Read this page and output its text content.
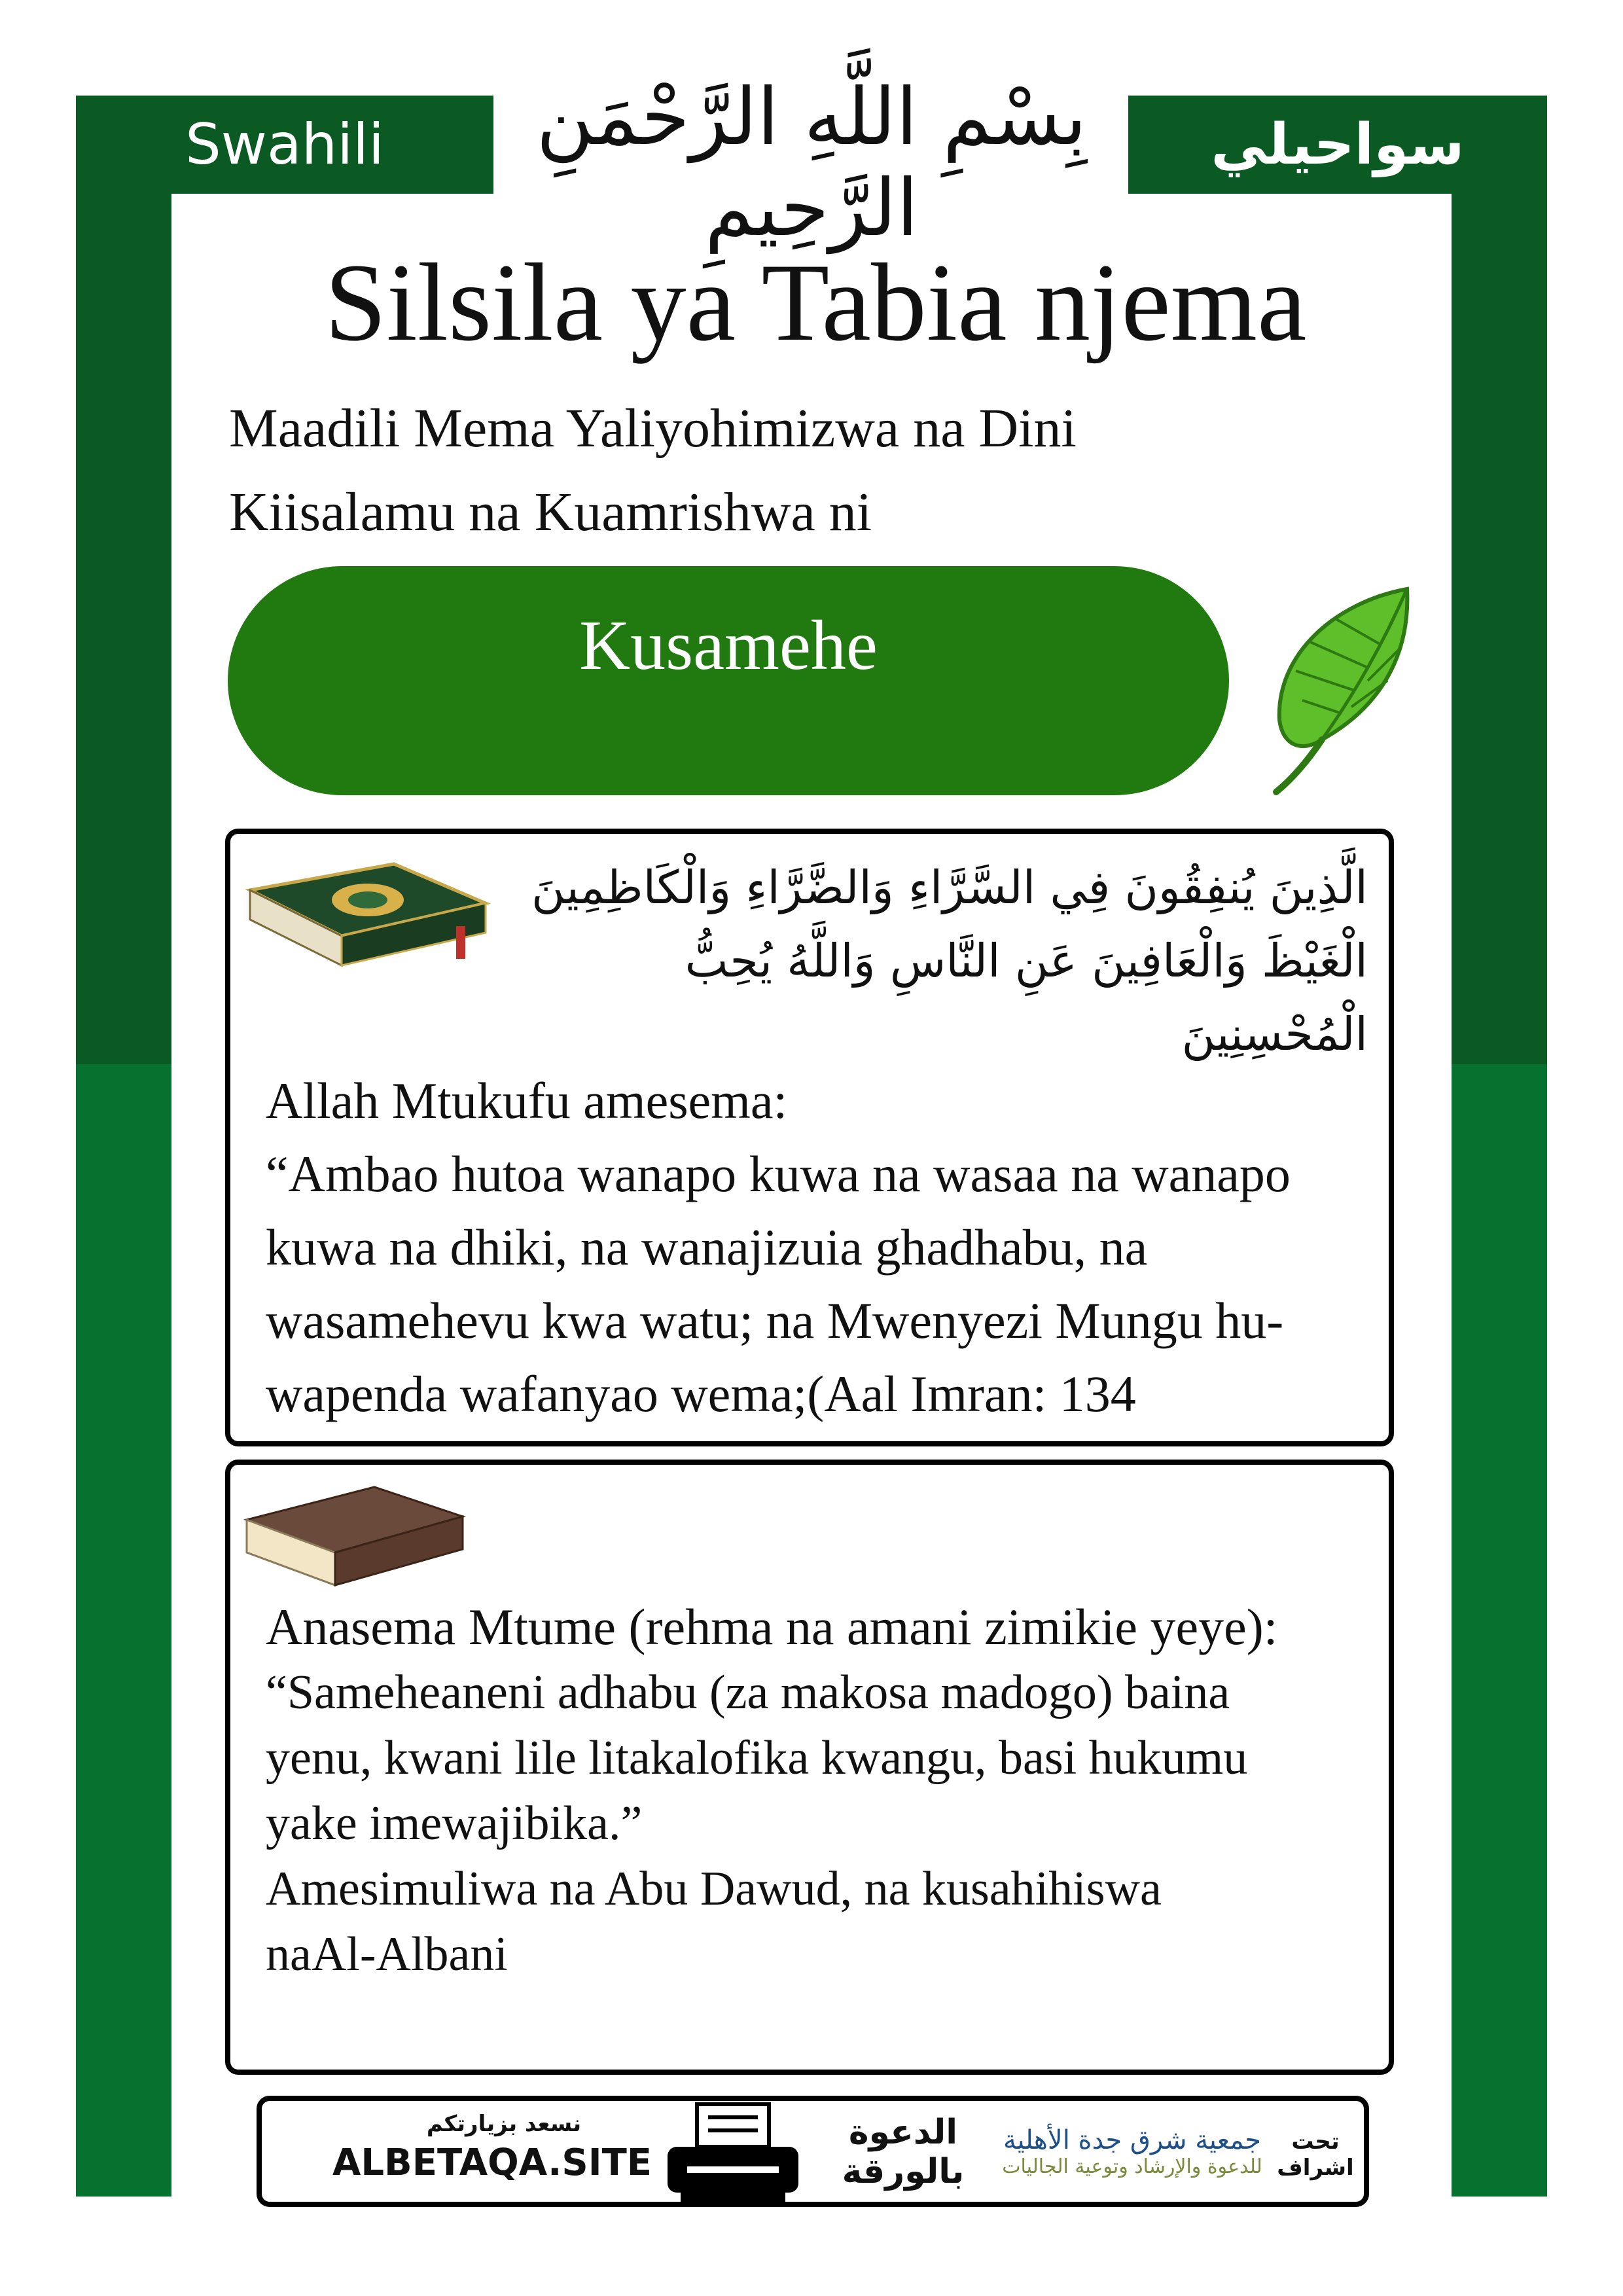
Swahili	سواحيلي
بِسْمِ اللَّهِ الرَّحْمَنِ الرَّحِيمِ
Silsila ya Tabia njema
Maadili Mema Yaliyohimizwa na Dini
Kiisalamu na Kuamrishwa ni
Kusamehe
الَّذِينَ يُنفِقُونَ فِي السَّرَّاءِ وَالضَّرَّاءِ وَالْكَاظِمِينَ
الْغَيْظَ وَالْعَافِينَ عَنِ النَّاسِ وَاللَّهُ يُحِبُّ
الْمُحْسِنِينَ
Allah Mtukufu amesema:
“Ambao hutoa wanapo kuwa na wasaa na wanapo
kuwa na dhiki, na wanajizuia ghadhabu, na
wasamehevu kwa watu; na Mwenyezi Mungu hu-
wapenda wafanyao wema;(Aal Imran: 134
Anasema Mtume (rehma na amani zimikie yeye):
“Sameheaneni adhabu (za makosa madogo) baina
yenu, kwani lile litakalofika kwangu, basi hukumu
yake imewajibika.”
Amesimuliwa na Abu Dawud, na kusahihiswa
naAl-Albani
نسعد بزيارتكم
ALBETAQA.SITE
الدعوة
بالورقة
جمعية شرق جدة الأهلية
للدعوة والإرشاد وتوعية الجاليات
تحت
اشراف
